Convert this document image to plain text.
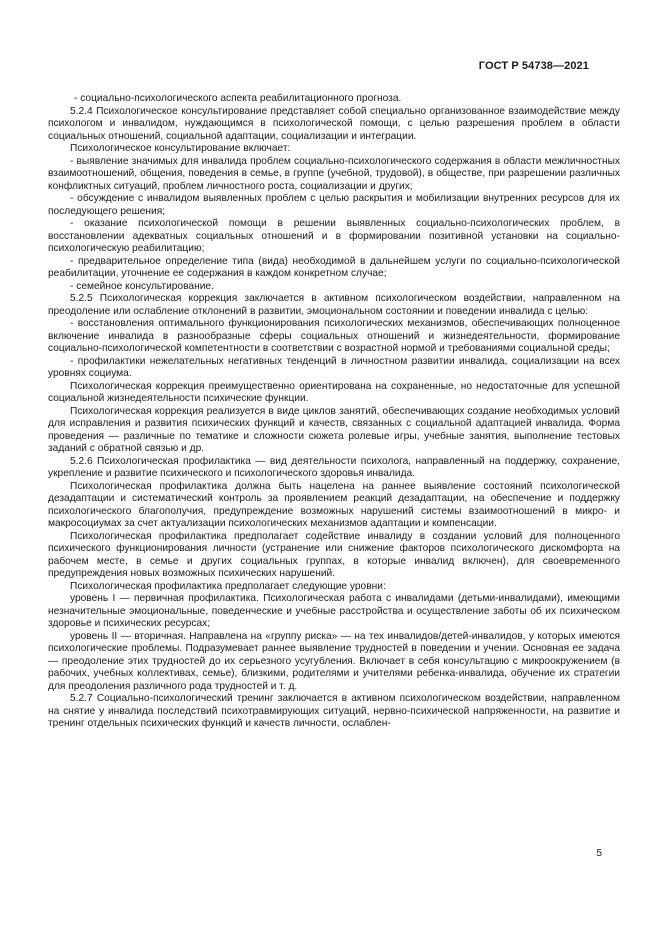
ГОСТ Р 54738—2021

- социально-психологического аспекта реабилитационного прогноза.

5.2.4 Психологическое консультирование представляет собой специально организованное взаимодействие между психологом и инвалидом, нуждающимся в психологической помощи, с целью разрешения проблем в области социальных отношений, социальной адаптации, социализации и интеграции.

Психологическое консультирование включает:

- выявление значимых для инвалида проблем социально-психологического содержания в области межличностных взаимоотношений, общения, поведения в семье, в группе (учебной, трудовой), в обществе, при разрешении различных конфликтных ситуаций, проблем личностного роста, социализации и других;

- обсуждение с инвалидом выявленных проблем с целью раскрытия и мобилизации внутренних ресурсов для их последующего решения;

- оказание психологической помощи в решении выявленных социально-психологических проблем, в восстановлении адекватных социальных отношений и в формировании позитивной установки на социально-психологическую реабилитацию;

- предварительное определение типа (вида) необходимой в дальнейшем услуги по социально-психологической реабилитации, уточнение ее содержания в каждом конкретном случае;

- семейное консультирование.

5.2.5 Психологическая коррекция заключается в активном психологическом воздействии, направленном на преодоление или ослабление отклонений в развитии, эмоциональном состоянии и поведении инвалида с целью:

- восстановления оптимального функционирования психологических механизмов, обеспечивающих полноценное включение инвалида в разнообразные сферы социальных отношений и жизнедеятельности, формирование социально-психологической компетентности в соответствии с возрастной нормой и требованиями социальной среды;

- профилактики нежелательных негативных тенденций в личностном развитии инвалида, социализации на всех уровнях социума.

Психологическая коррекция преимущественно ориентирована на сохраненные, но недостаточные для успешной социальной жизнедеятельности психические функции.

Психологическая коррекция реализуется в виде циклов занятий, обеспечивающих создание необходимых условий для исправления и развития психических функций и качеств, связанных с социальной адаптацией инвалида. Форма проведения — различные по тематике и сложности сюжета ролевые игры, учебные занятия, выполнение тестовых заданий с обратной связью и др.

5.2.6 Психологическая профилактика — вид деятельности психолога, направленный на поддержку, сохранение, укрепление и развитие психического и психологического здоровья инвалида.

Психологическая профилактика должна быть нацелена на раннее выявление состояний психологической дезадаптации и систематический контроль за проявлением реакций дезадаптации, на обеспечение и поддержку психологического благополучия, предупреждение возможных нарушений системы взаимоотношений в микро- и макросоциумах за счет актуализации психологических механизмов адаптации и компенсации.

Психологическая профилактика предполагает содействие инвалиду в создании условий для полноценного психического функционирования личности (устранение или снижение факторов психологического дискомфорта на рабочем месте, в семье и других социальных группах, в которые инвалид включен), для своевременного предупреждения новых возможных психических нарушений.

Психологическая профилактика предполагает следующие уровни:

уровень I — первичная профилактика. Психологическая работа с инвалидами (детьми-инвалидами), имеющими незначительные эмоциональные, поведенческие и учебные расстройства и осуществление заботы об их психическом здоровье и психических ресурсах;

уровень II — вторичная. Направлена на «группу риска» — на тех инвалидов/детей-инвалидов, у которых имеются психологические проблемы. Подразумевает раннее выявление трудностей в поведении и учении. Основная ее задача — преодоление этих трудностей до их серьезного усугубления. Включает в себя консультацию с микроокружением (в рабочих, учебных коллективах, семье), близкими, родителями и учителями ребенка-инвалида, обучение их стратегии для преодоления различного рода трудностей и т. д.

5.2.7 Социально-психологический тренинг заключается в активном психологическом воздействии, направленном на снятие у инвалида последствий психотравмирующих ситуаций, нервно-психической напряженности, на развитие и тренинг отдельных психических функций и качеств личности, ослаблен-

5
